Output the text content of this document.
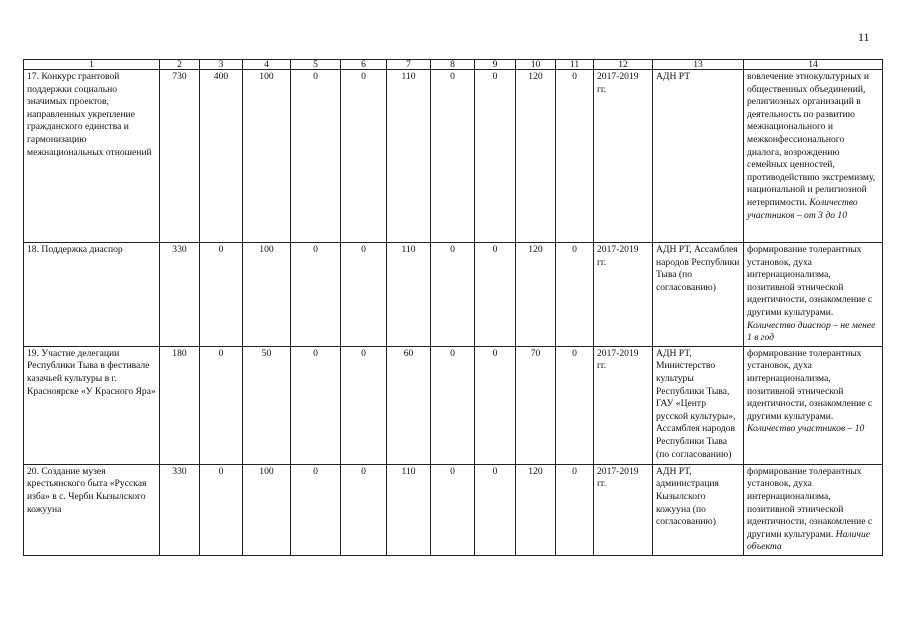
11
1	2	3	4	5	6	7	8	9	10	11	12	13	14
17. Конкурс грантовой поддержки социально значимых проектов, направленных укрепление гражданского единства и гармонизацию межнациональных отношений	730	400	100	0	0	110	0	0	120	0	2017-2019 гг.	АДН РТ	вовлечение этнокультурных и общественных объединений, религиозных организаций в деятельность по развитию межнационального и межконфессионального диалога, возрождению семейных ценностей, противодействию экстремизму, национальной и религиозной нетерпимости. Количество участников – от 3 до 10
18. Поддержка диаспор	330	0	100	0	0	110	0	0	120	0	2017-2019 гг.	АДН РТ, Ассамблея народов Республики Тыва (по согласованию)	формирование толерантных установок, духа интернационализма, позитивной этнической идентичности, ознакомление с другими культурами. Количество диаспор – не менее 1 в год
19. Участие делегации Республики Тыва в фестивале казачьей культуры в г. Красноярске «У Красного Яра»	180	0	50	0	0	60	0	0	70	0	2017-2019 гг.	АДН РТ, Министерство культуры Республики Тыва, ГАУ «Центр русской культуры», Ассамблея народов Республики Тыва (по согласованию)	формирование толерантных установок, духа интернационализма, позитивной этнической идентичности, ознакомление с другими культурами. Количество участников – 10
20. Создание музея крестьянского быта «Русская изба» в с. Черби Кызылского кожууна	330	0	100	0	0	110	0	0	120	0	2017-2019 гг.	АДН РТ, администрация Кызылского кожууна (по согласованию)	формирование толерантных установок, духа интернационализма, позитивной этнической идентичности, ознакомление с другими культурами. Наличие объекта
